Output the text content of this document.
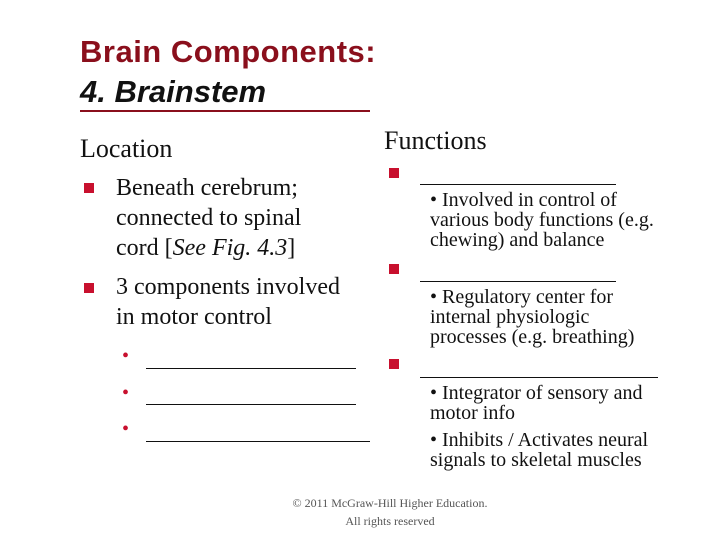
Brain Components:
4. Brainstem
Location
Beneath cerebrum;
connected to spinal
cord [See Fig. 4.3]
3 components involved
in motor control
•
•
•
Functions
• Involved in control of
various body functions (e.g.
chewing) and balance
• Regulatory center for
internal physiologic
processes (e.g. breathing)
• Integrator of sensory and
motor info
• Inhibits / Activates neural
signals to skeletal muscles
© 2011 McGraw-Hill Higher Education.
All rights reserved
